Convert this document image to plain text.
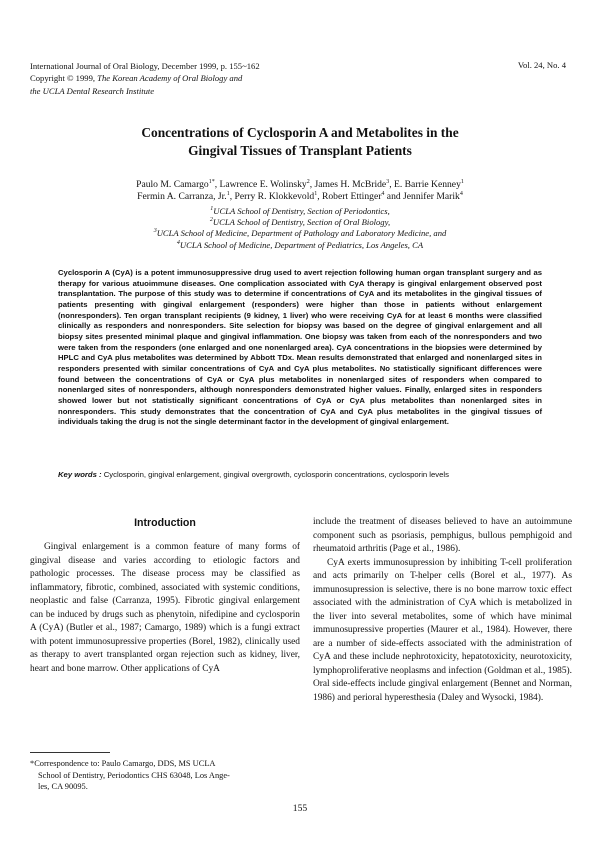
International Journal of Oral Biology, December 1999, p. 155~162
Copyright © 1999, The Korean Academy of Oral Biology and
the UCLA Dental Research Institute
Vol. 24, No. 4
Concentrations of Cyclosporin A and Metabolites in the
Gingival Tissues of Transplant Patients
Paulo M. Camargo$^{1*}$, Lawrence E. Wolinsky$^2$, James H. McBride$^3$, E. Barrie Kenney$^1$
Fermin A. Carranza, Jr.$^1$, Perry R. Klokkevold$^1$, Robert Ettinger$^4$ and Jennifer Marik$^4$
$^1$UCLA School of Dentistry, Section of Periodontics,
$^2$UCLA School of Dentistry, Section of Oral Biology,
$^3$UCLA School of Medicine, Department of Pathology and Laboratory Medicine, and
$^4$UCLA School of Medicine, Department of Pediatrics, Los Angeles, CA
Cyclosporin A (CyA) is a potent immunosuppressive drug used to avert rejection following human organ transplant surgery and as therapy for various atuoimmune diseases. One complication associated with CyA therapy is gingival enlargement observed post transplantation. The purpose of this study was to determine if concentrations of CyA and its metabolites in the gingival tissues of patients presenting with gingival enlargement (responders) were higher than those in patients without enlargement (nonresponders). Ten organ transplant recipients (9 kidney, 1 liver) who were receiving CyA for at least 6 months were classified clinically as responders and nonresponders. Site selection for biopsy was based on the degree of gingival enlargement and all biopsy sites presented minimal plaque and gingival inflammation. One biopsy was taken from each of the nonresponders and two were taken from the responders (one enlarged and one nonenlarged area). CyA concentrations in the biopsies were determined by HPLC and CyA plus metabolites was determined by Abbott TDx. Mean results demonstrated that enlarged and nonenlarged sites in responders presented with similar concentrations of CyA and CyA plus metabolites. No statistically significant differences were found between the concentrations of CyA or CyA plus metabolites in nonenlarged sites of responders when compared to nonenlarged sites of nonresponders, although nonresponders demonstrated higher values. Finally, enlarged sites in responders showed lower but not statistically significant concentrations of CyA or CyA plus metabolites than nonenlarged sites in nonresponders. This study demonstrates that the concentration of CyA and CyA plus metabolites in the gingival tissues of individuals taking the drug is not the single determinant factor in the development of gingival enlargement.
Key words : Cyclosporin, gingival enlargement, gingival overgrowth, cyclosporin concentrations, cyclosporin levels
Introduction

Gingival enlargement is a common feature of many forms of gingival disease and varies according to etiologic factors and pathologic processes. The disease process may be classified as inflammatory, fibrotic, combined, associated with systemic conditions, neoplastic and false (Carranza, 1995). Fibrotic gingival enlargement can be induced by drugs such as phenytoin, nifedipine and cyclosporin A (CyA) (Butler et al., 1987; Camargo, 1989) which is a fungi extract with potent immunosupressive properties (Borel, 1982), clinically used as therapy to avert transplanted organ rejection such as kidney, liver, heart and bone marrow. Other applications of CyA

include the treatment of diseases believed to have an autoimmune component such as psoriasis, pemphigus, bullous pemphigoid and rheumatoid arthritis (Page et al., 1986).

CyA exerts immunosupression by inhibiting T-cell proliferation and acts primarily on T-helper cells (Borel et al., 1977). As immunosupression is selective, there is no bone marrow toxic effect associated with the administration of CyA which is metabolized in the liver into several metabolites, some of which have minimal immunosupressive properties (Maurer et al., 1984). However, there are a number of side-effects associated with the administration of CyA and these include nephrotoxicity, hepatotoxicity, neurotoxicity, lymphoproliferative neoplasms and infection (Goldman et al., 1985). Oral side-effects include gingival enlargement (Bennet and Norman, 1986) and perioral hyperesthesia (Daley and Wysocki, 1984).

*Correspondence to: Paulo Camargo, DDS, MS UCLA
School of Dentistry, Periodontics CHS 63048, Los Ange-
les, CA 90095.
155
